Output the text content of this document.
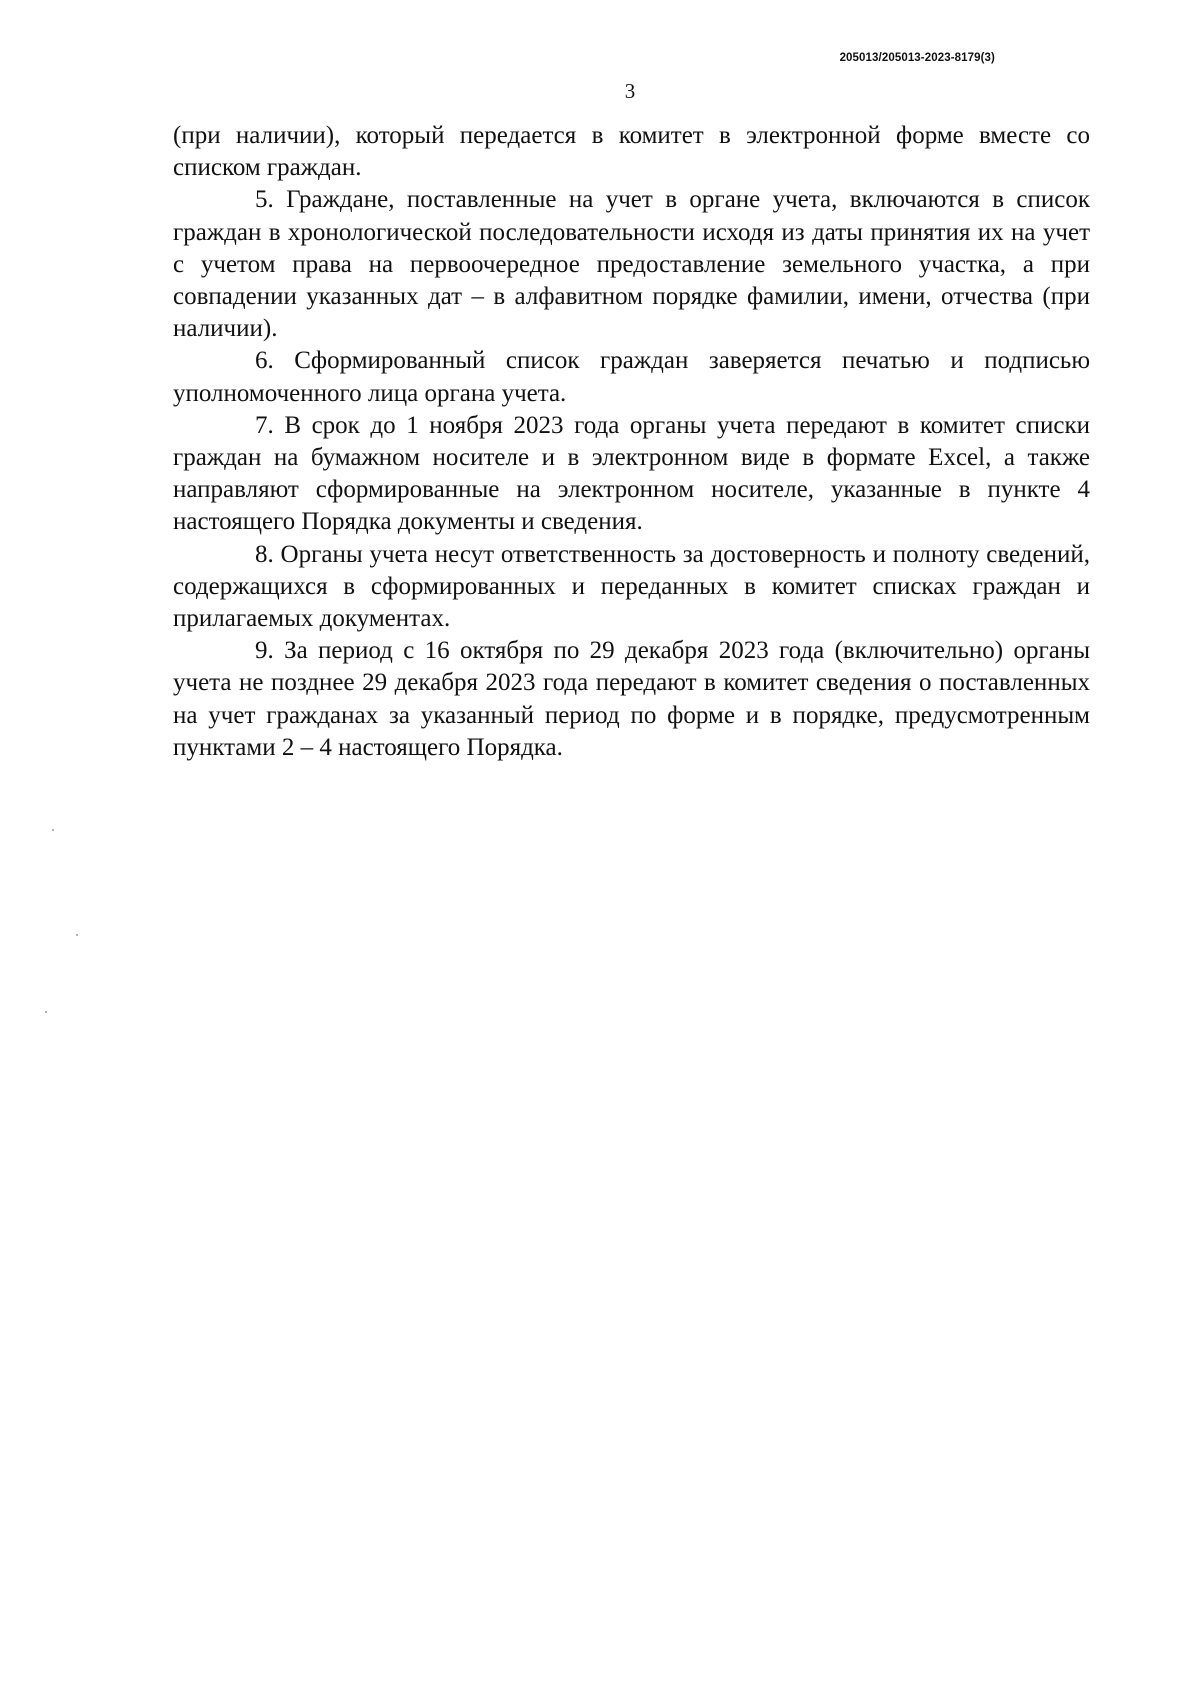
205013/205013-2023-8179(3)
3

(при наличии), который передается в комитет в электронной форме вместе со списком граждан.

5. Граждане, поставленные на учет в органе учета, включаются в список граждан в хронологической последовательности исходя из даты принятия их на учет с учетом права на первоочередное предоставление земельного участка, а при совпадении указанных дат – в алфавитном порядке фамилии, имени, отчества (при наличии).

6. Сформированный список граждан заверяется печатью и подписью уполномоченного лица органа учета.

7. В срок до 1 ноября 2023 года органы учета передают в комитет списки граждан на бумажном носителе и в электронном виде в формате Excel, а также направляют сформированные на электронном носителе, указанные в пункте 4 настоящего Порядка документы и сведения.

8. Органы учета несут ответственность за достоверность и полноту сведений, содержащихся в сформированных и переданных в комитет списках граждан и прилагаемых документах.

9. За период с 16 октября по 29 декабря 2023 года (включительно) органы учета не позднее 29 декабря 2023 года передают в комитет сведения о поставленных на учет гражданах за указанный период по форме и в порядке, предусмотренным пунктами 2 – 4 настоящего Порядка.
